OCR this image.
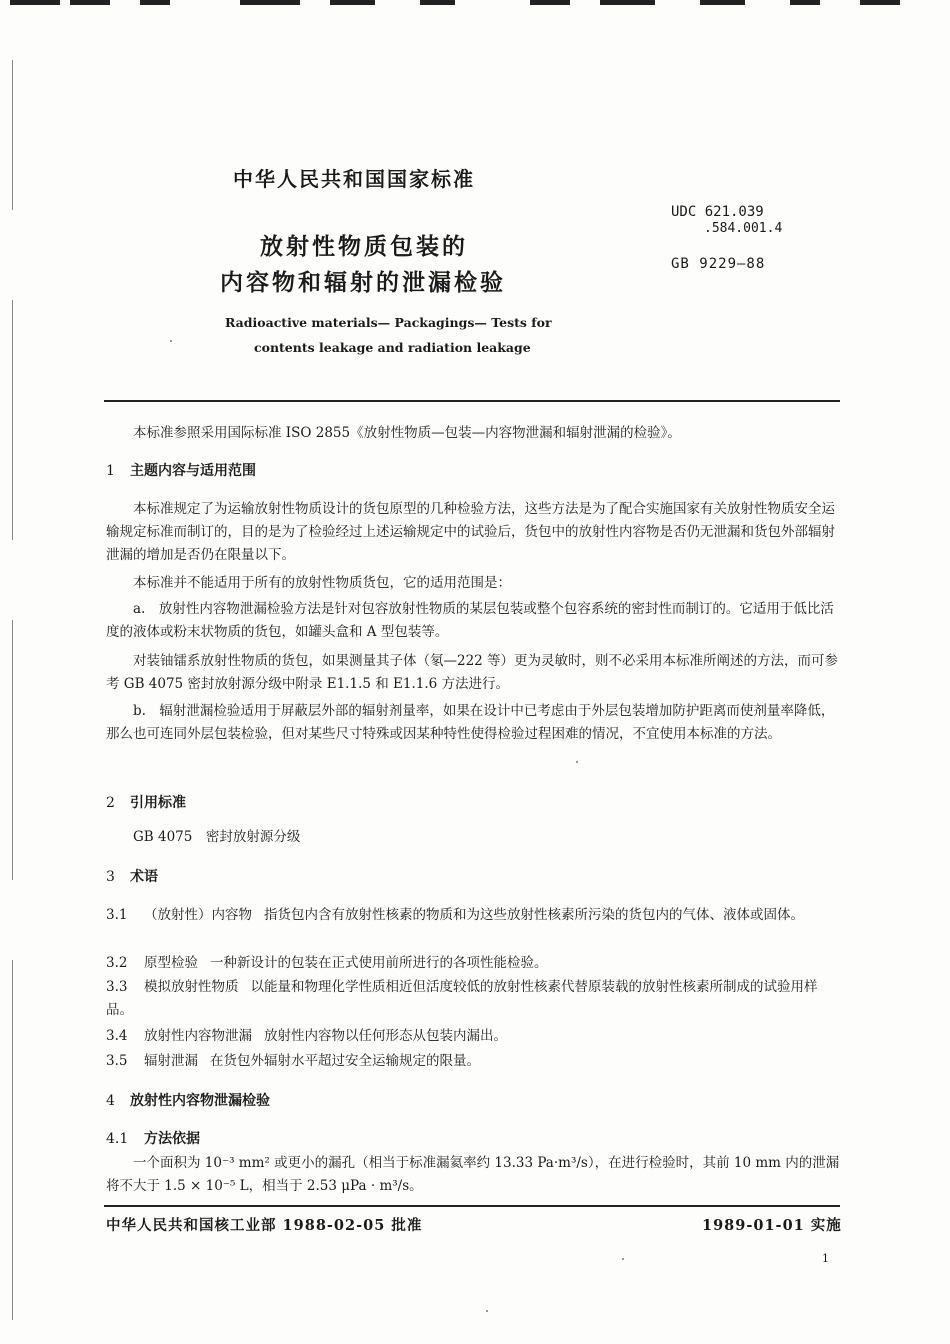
中华人民共和国国家标准
放射性物质包装的
内容物和辐射的泄漏检验
UDC 621.039
.584.001.4
GB 9229—88
Radioactive materials— Packagings— Tests for
contents leakage and radiation leakage
本标准参照采用国际标准 ISO 2855《放射性物质—包装—内容物泄漏和辐射泄漏的检验》。
1 主题内容与适用范围
本标准规定了为运输放射性物质设计的货包原型的几种检验方法，这些方法是为了配合实施国家有关放射性物质安全运输规定标准而制订的，目的是为了检验经过上述运输规定中的试验后，货包中的放射性内容物是否仍无泄漏和货包外部辐射泄漏的增加是否仍在限量以下。
本标准并不能适用于所有的放射性物质货包，它的适用范围是：
a.　放射性内容物泄漏检验方法是针对包容放射性物质的某层包装或整个包容系统的密封性而制订的。它适用于低比活度的液体或粉末状物质的货包，如罐头盒和 A 型包装等。
对装铀镭系放射性物质的货包，如果测量其子体（氡—222 等）更为灵敏时，则不必采用本标准所阐述的方法，而可参考 GB 4075 密封放射源分级中附录 E1.1.5 和 E1.1.6 方法进行。
b.　辐射泄漏检验适用于屏蔽层外部的辐射剂量率，如果在设计中已考虑由于外层包装增加防护距离而使剂量率降低，那么也可连同外层包装检验，但对某些尺寸特殊或因某种特性使得检验过程困难的情况，不宜使用本标准的方法。
2 引用标准
GB 4075　密封放射源分级
3 术语
3.1 （放射性）内容物 指货包内含有放射性核素的物质和为这些放射性核素所污染的货包内的气体、液体或固体。
3.2 原型检验 一种新设计的包装在正式使用前所进行的各项性能检验。
3.3 模拟放射性物质 以能量和物理化学性质相近但活度较低的放射性核素代替原装载的放射性核素所制成的试验用样品。
3.4 放射性内容物泄漏 放射性内容物以任何形态从包装内漏出。
3.5 辐射泄漏 在货包外辐射水平超过安全运输规定的限量。
4 放射性内容物泄漏检验
4.1 方法依据
一个面积为 10⁻³ mm² 或更小的漏孔（相当于标准漏氦率约 13.33 Pa·m³/s），在进行检验时，其前 10 mm 内的泄漏将不大于 1.5 × 10⁻⁵ L，相当于 2.53 μPa · m³/s。
中华人民共和国核工业部 1988-02-05 批准	1989-01-01 实施
1
